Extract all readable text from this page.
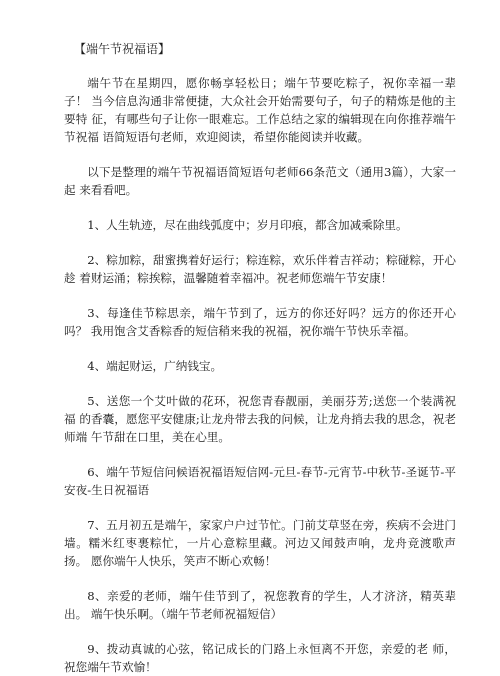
【端午节祝福语】

端午节在星期四，愿你畅享轻松日；端午节要吃粽子，祝你幸福一辈子！ 当今信息沟通非常便捷，大众社会开始需要句子，句子的精炼是他的主要特 征，有哪些句子让你一眼难忘。工作总结之家的编辑现在向你推荐端午节祝福 语简短语句老师，欢迎阅读，希望你能阅读并收藏。

以下是整理的端午节祝福语简短语句老师66条范文（通用3篇），大家一起 来看看吧。

1、人生轨迹，尽在曲线弧度中；岁月印痕，都含加减乘除里。

2、粽加粽，甜蜜携着好运行；粽连粽，欢乐伴着吉祥动；粽碰粽，开心趁 着财运涌；粽挨粽，温馨随着幸福冲。祝老师您端午节安康！

3、每逢佳节粽思亲，端午节到了，远方的你还好吗？远方的你还开心吗？ 我用饱含艾香粽香的短信稍来我的祝福，祝你端午节快乐幸福。

4、端起财运，广纳钱宝。

5、送您一个艾叶做的花环，祝您青春靓丽，美丽芬芳;送您一个装满祝福 的香囊，愿您平安健康;让龙舟带去我的问候，让龙舟捎去我的思念，祝老师端 午节甜在口里，美在心里。

6、端午节短信问候语祝福语短信网-元旦-春节-元宵节-中秋节-圣诞节-平 安夜-生日祝福语

7、五月初五是端午，家家户户过节忙。门前艾草竖在旁，疾病不会进门 墙。糯米红枣裹粽忙，一片心意粽里藏。河边又闻鼓声响，龙舟竞渡歌声扬。 愿你端午人快乐，笑声不断心欢畅！

8、亲爱的老师，端午佳节到了，祝您教育的学生，人才济济，精英辈出。 端午快乐啊。（端午节老师祝福短信）

9、拨动真诚的心弦，铭记成长的门路上永恒离不开您，亲爱的老 师，祝您端午节欢愉！
